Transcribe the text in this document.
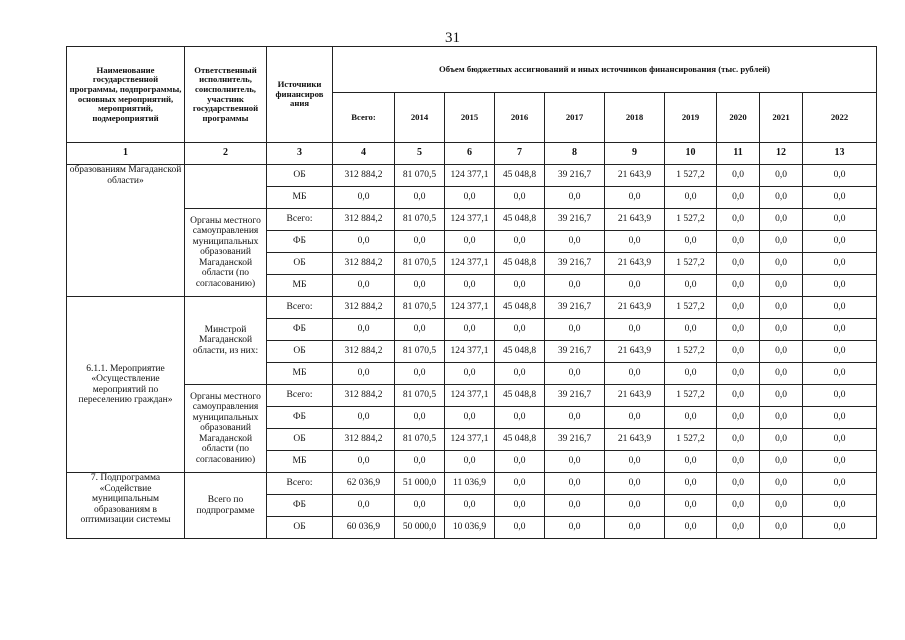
31
Наименование государственной программы, подпрограммы, основных мероприятий, мероприятий, подмероприятий	Ответственный исполнитель, соисполнитель, участник государственной программы	Источники финансиров ания	Объем бюджетных ассигнований и иных источников финансирования (тыс. рублей)									
			Всего:	2014	2015	2016	2017	2018	2019	2020	2021	2022
1	2	3	4	5	6	7	8	9	10	11	12	13
образованиям Магаданской области»		ОБ	312 884,2	81 070,5	124 377,1	45 048,8	39 216,7	21 643,9	1 527,2	0,0	0,0	0,0
		МБ	0,0	0,0	0,0	0,0	0,0	0,0	0,0	0,0	0,0	0,0
	Органы местного самоуправления муниципальных образований Магаданской области (по согласованию)	Всего:	312 884,2	81 070,5	124 377,1	45 048,8	39 216,7	21 643,9	1 527,2	0,0	0,0	0,0
		ФБ	0,0	0,0	0,0	0,0	0,0	0,0	0,0	0,0	0,0	0,0
		ОБ	312 884,2	81 070,5	124 377,1	45 048,8	39 216,7	21 643,9	1 527,2	0,0	0,0	0,0
		МБ	0,0	0,0	0,0	0,0	0,0	0,0	0,0	0,0	0,0	0,0
6.1.1. Мероприятие «Осуществление мероприятий по переселению граждан»	Минстрой Магаданской области, из них:	Всего:	312 884,2	81 070,5	124 377,1	45 048,8	39 216,7	21 643,9	1 527,2	0,0	0,0	0,0
		ФБ	0,0	0,0	0,0	0,0	0,0	0,0	0,0	0,0	0,0	0,0
		ОБ	312 884,2	81 070,5	124 377,1	45 048,8	39 216,7	21 643,9	1 527,2	0,0	0,0	0,0
		МБ	0,0	0,0	0,0	0,0	0,0	0,0	0,0	0,0	0,0	0,0
	Органы местного самоуправления муниципальных образований Магаданской области (по согласованию)	Всего:	312 884,2	81 070,5	124 377,1	45 048,8	39 216,7	21 643,9	1 527,2	0,0	0,0	0,0
		ФБ	0,0	0,0	0,0	0,0	0,0	0,0	0,0	0,0	0,0	0,0
		ОБ	312 884,2	81 070,5	124 377,1	45 048,8	39 216,7	21 643,9	1 527,2	0,0	0,0	0,0
		МБ	0,0	0,0	0,0	0,0	0,0	0,0	0,0	0,0	0,0	0,0
7. Подпрограмма «Содействие муниципальным образованиям в оптимизации системы	Всего по подпрограмме	Всего:	62 036,9	51 000,0	11 036,9	0,0	0,0	0,0	0,0	0,0	0,0	0,0
		ФБ	0,0	0,0	0,0	0,0	0,0	0,0	0,0	0,0	0,0	0,0
		ОБ	60 036,9	50 000,0	10 036,9	0,0	0,0	0,0	0,0	0,0	0,0	0,0
